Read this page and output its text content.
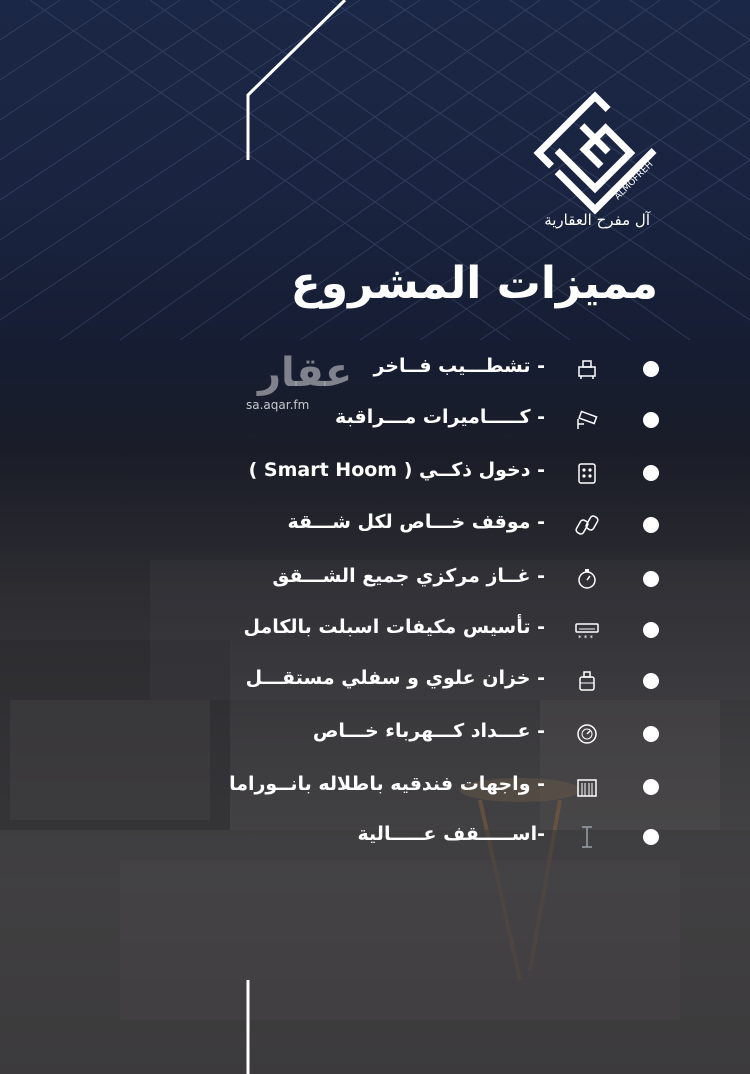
ALMOFREH
آل مفرح العقارية
مميزات المشروع
- تشطـــيب فــاخر
- كـــــاميرات مـــراقبة
- دخول ذكــي ( Smart Hoom )
- موقف خـــاص لكل شـــقة
- غــاز مركزي جميع الشـــقق
* * *
- تأسيس مكيفات اسبلت بالكامل
- خزان علوي و سفلي مستقـــل
- عـــداد كـــهرباء خـــاص
- واجهات فندقيه باطلاله بانــوراما
-اســـــقف عـــــالية
عقار
sa.aqar.fm
